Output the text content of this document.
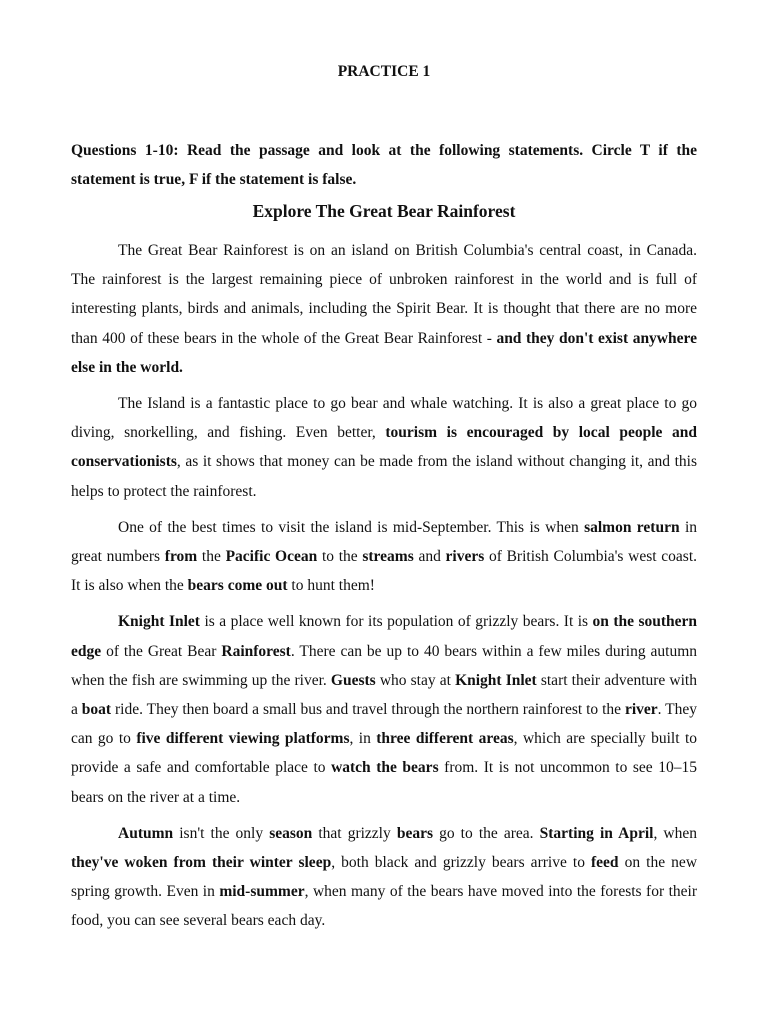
PRACTICE 1

Questions 1-10: Read the passage and look at the following statements. Circle T if the statement is true, F if the statement is false.

Explore The Great Bear Rainforest

The Great Bear Rainforest is on an island on British Columbia's central coast, in Canada. The rainforest is the largest remaining piece of unbroken rainforest in the world and is full of interesting plants, birds and animals, including the Spirit Bear. It is thought that there are no more than 400 of these bears in the whole of the Great Bear Rainforest - and they don't exist anywhere else in the world.

The Island is a fantastic place to go bear and whale watching. It is also a great place to go diving, snorkelling, and fishing. Even better, tourism is encouraged by local people and conservationists, as it shows that money can be made from the island without changing it, and this helps to protect the rainforest.

One of the best times to visit the island is mid-September. This is when salmon return in great numbers from the Pacific Ocean to the streams and rivers of British Columbia's west coast. It is also when the bears come out to hunt them!

Knight Inlet is a place well known for its population of grizzly bears. It is on the southern edge of the Great Bear Rainforest. There can be up to 40 bears within a few miles during autumn when the fish are swimming up the river. Guests who stay at Knight Inlet start their adventure with a boat ride. They then board a small bus and travel through the northern rainforest to the river. They can go to five different viewing platforms, in three different areas, which are specially built to provide a safe and comfortable place to watch the bears from. It is not uncommon to see 10–15 bears on the river at a time.

Autumn isn't the only season that grizzly bears go to the area. Starting in April, when they've woken from their winter sleep, both black and grizzly bears arrive to feed on the new spring growth. Even in mid-summer, when many of the bears have moved into the forests for their food, you can see several bears each day.
